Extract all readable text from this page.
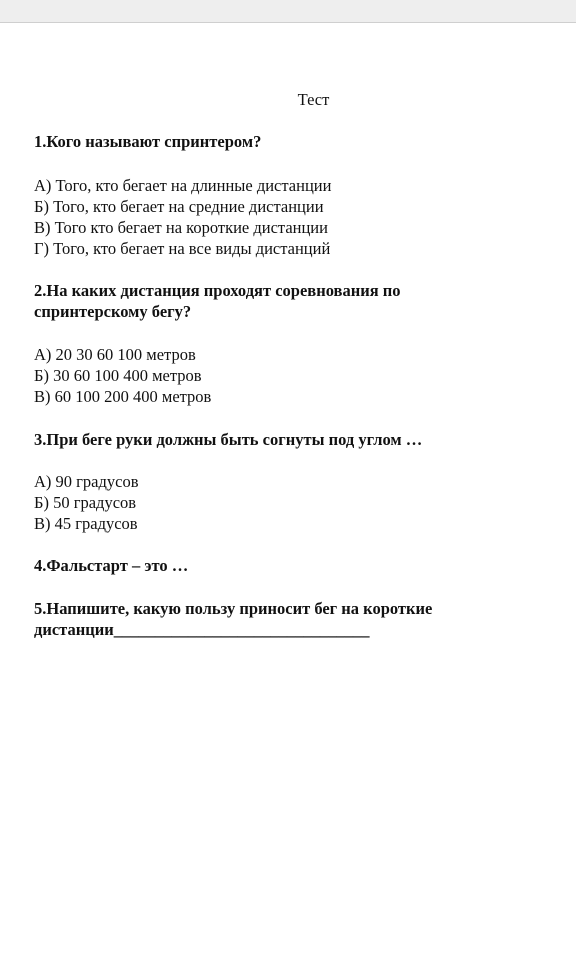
Тест
1.Кого называют спринтером?
А) Того, кто бегает на длинные дистанции
Б) Того, кто бегает на средние дистанции
В) Того кто бегает на короткие дистанции
Г) Того, кто бегает на все виды дистанций
2.На каких дистанция проходят соревнования по
спринтерскому бегу?
А) 20 30 60 100 метров
Б) 30 60 100 400 метров
В) 60 100 200 400 метров
3.При беге руки должны быть согнуты под углом …
А) 90 градусов
Б) 50 градусов
В) 45 градусов
4.Фальстарт – это …
5.Напишите, какую пользу приносит бег на короткие
дистанции_______________________________
